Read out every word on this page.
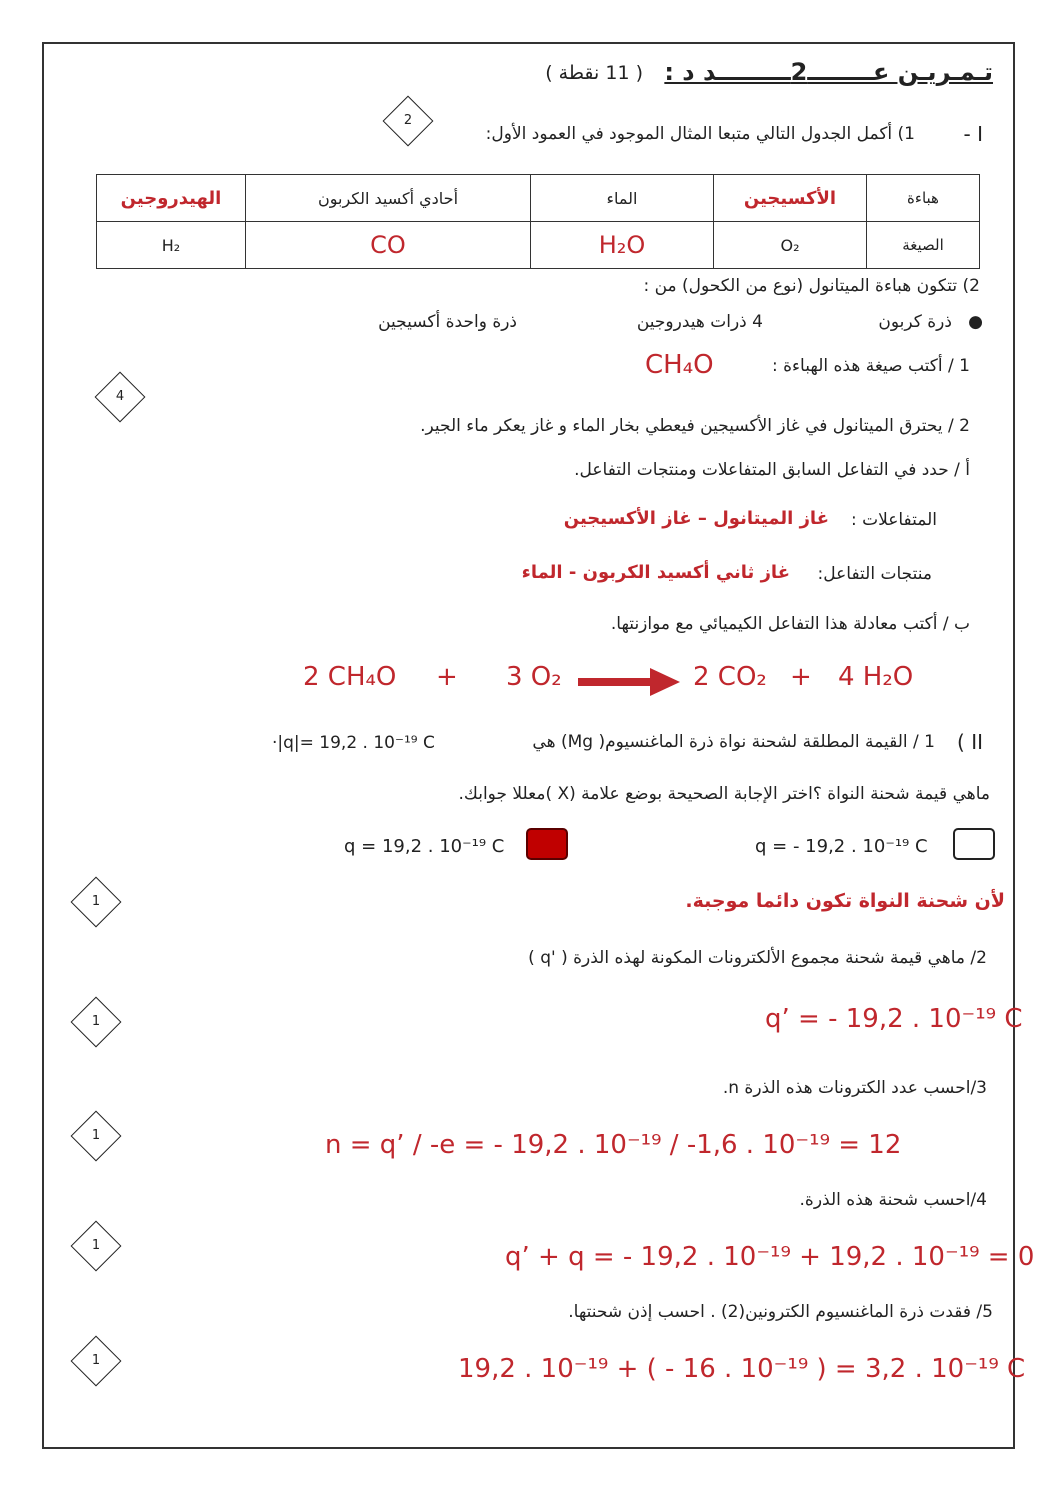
تـمـريـن عــــــــ2ـــــــــد د :
( 11 نقطة )
I -
1) أكمل الجدول التالي متبعا المثال الموجود في العمود الأول:
2
هباءة	الأكسيجين	الماء	أحادي أكسيد الكربون	الهيدروجين
الصيغة	O₂	H₂O	CO	H₂
2) تتكون هباءة الميتانول (نوع من الكحول) من :
●   ذرة كربون
4 ذرات هيدروجين
ذرة واحدة أكسيجين
1 / أكتب صيغة هذه الهباءة :
CH₄O
4
2 / يحترق الميتانول في غاز الأكسيجين فيعطي بخار الماء و غاز يعكر ماء الجير.
أ / حدد في التفاعل السابق المتفاعلات ومنتجات التفاعل.
المتفاعلات :
غاز الميتانول – غاز الأكسيجين
منتجات التفاعل:
غاز ثاني أكسيد الكربون - الماء
ب / أكتب معادلة هذا التفاعل الكيميائي مع موازنتها.
2 CH₄O + 3 O₂	2 CO₂ + 4 H₂O
II )
1 / القيمة المطلقة لشحنة نواة ذرة الماغنسيوم( Mg) هي
·|q|= 19,2 . 10⁻¹⁹ C
ماهي قيمة شحنة النواة ؟اختر الإجابة الصحيحة بوضع علامة (X )معللا جوابك.
q = 19,2 . 10⁻¹⁹ C	q = - 19,2 . 10⁻¹⁹ C
لأن شحنة النواة تكون دائما موجبة.
1
2/ ماهي قيمة شحنة مجموع الألكترونات المكونة لهذه الذرة ( 'q )
q’ = - 19,2 . 10⁻¹⁹ C
1
3/احسب عدد الكترونات هذه الذرة n.
n = q’ / -e = - 19,2 . 10⁻¹⁹ / -1,6 . 10⁻¹⁹ = 12
1
4/احسب شحنة هذه الذرة.
q’ + q = - 19,2 . 10⁻¹⁹ + 19,2 . 10⁻¹⁹ = 0
1
5/ فقدت ذرة الماغنسيوم الكترونين(2) . احسب إذن شحنتها.
19,2 . 10⁻¹⁹ + ( - 16 . 10⁻¹⁹ ) = 3,2 . 10⁻¹⁹ C
1
